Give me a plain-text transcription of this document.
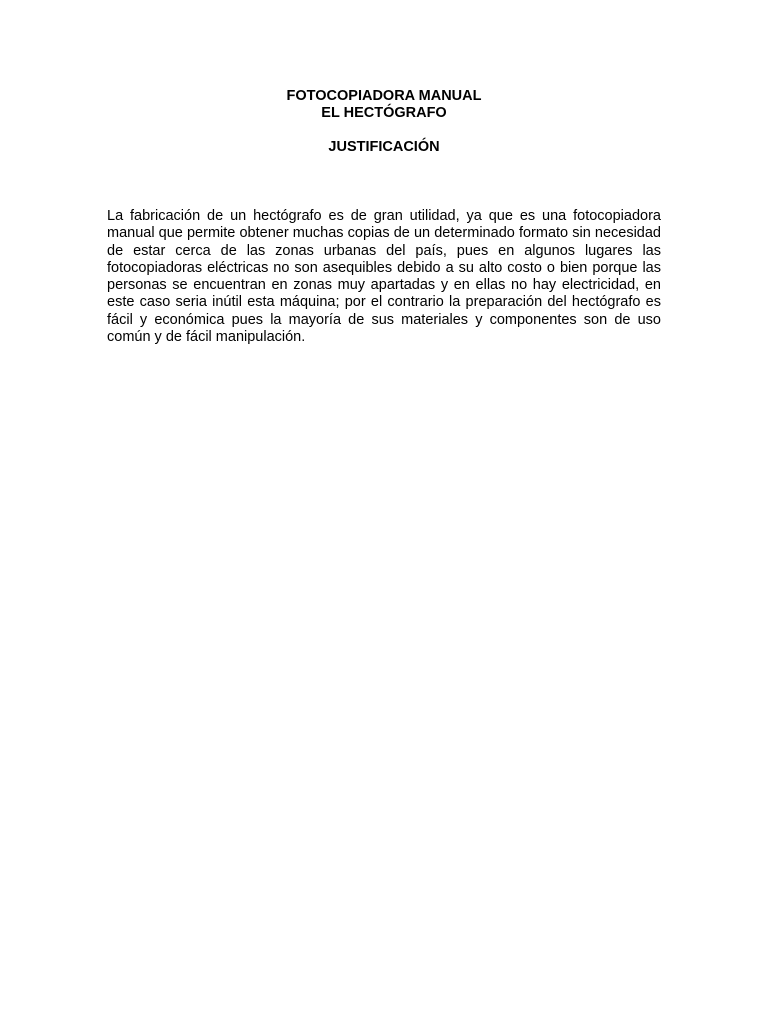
FOTOCOPIADORA MANUAL
EL HECTÓGRAFO
JUSTIFICACIÓN

La fabricación de un hectógrafo es de gran utilidad, ya que es una fotocopiadora manual que permite obtener muchas copias de un determinado formato sin necesidad de estar cerca de las zonas urbanas del país, pues en algunos lugares las fotocopiadoras eléctricas no son asequibles debido a su alto costo o bien porque las personas se encuentran en zonas muy apartadas y en ellas no hay electricidad, en este caso seria inútil esta máquina; por el contrario la preparación del hectógrafo es fácil y económica pues la mayoría de sus materiales y componentes son de uso común y de fácil manipulación.
